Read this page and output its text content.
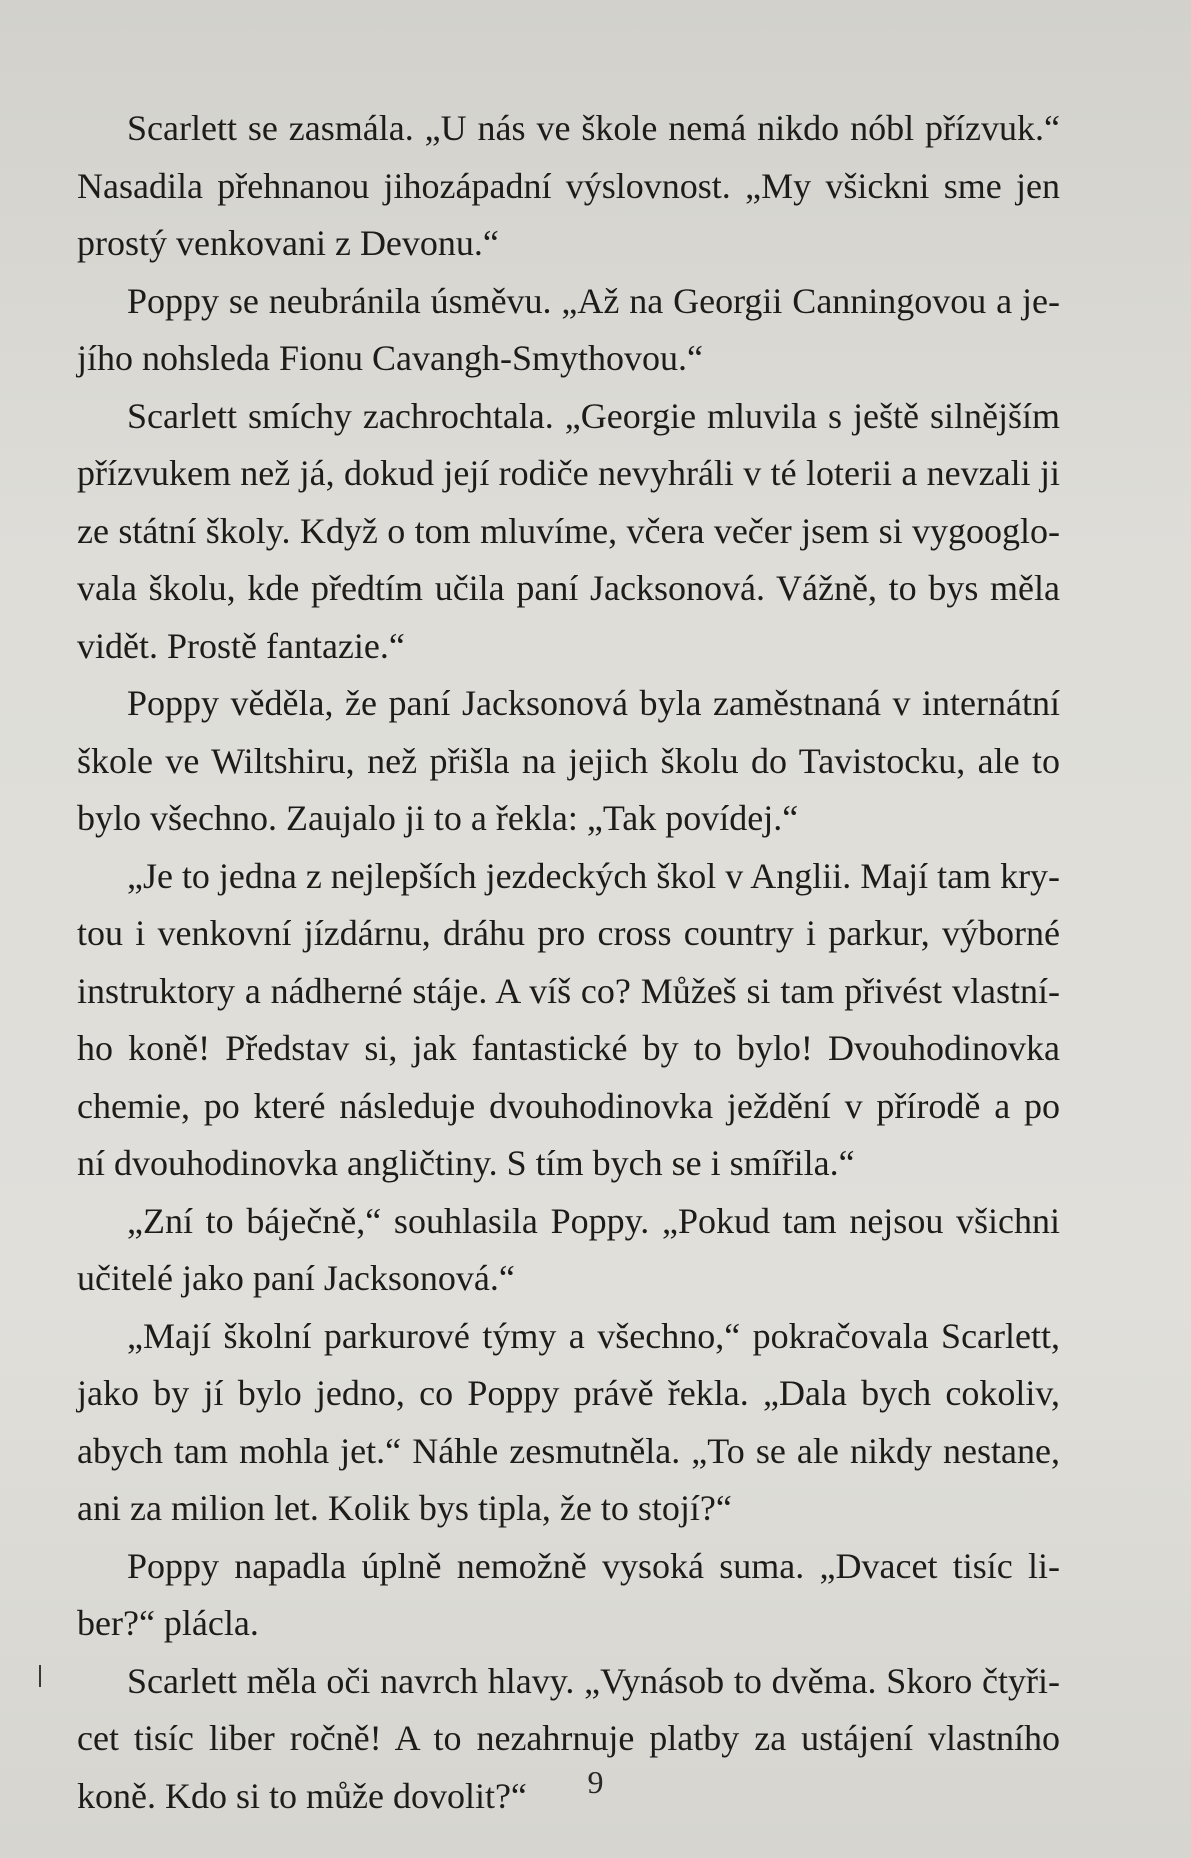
Scarlett se zasmála. „U nás ve škole nemá nikdo nóbl přízvuk.“
Nasadila přehnanou jihozápadní výslovnost. „My všickni sme jen
prostý venkovani z Devonu.“

Poppy se neubránila úsměvu. „Až na Georgii Canningovou a je-
jího nohsleda Fionu Cavangh-Smythovou.“

Scarlett smíchy zachrochtala. „Georgie mluvila s ještě silnějším
přízvukem než já, dokud její rodiče nevyhráli v té loterii a nevzali ji
ze státní školy. Když o tom mluvíme, včera večer jsem si vygooglo-
vala školu, kde předtím učila paní Jacksonová. Vážně, to bys měla
vidět. Prostě fantazie.“

Poppy věděla, že paní Jacksonová byla zaměstnaná v internátní
škole ve Wiltshiru, než přišla na jejich školu do Tavistocku, ale to
bylo všechno. Zaujalo ji to a řekla: „Tak povídej.“

„Je to jedna z nejlepších jezdeckých škol v Anglii. Mají tam kry-
tou i venkovní jízdárnu, dráhu pro cross country i parkur, výborné
instruktory a nádherné stáje. A víš co? Můžeš si tam přivést vlastní-
ho koně! Představ si, jak fantastické by to bylo! Dvouhodinovka
chemie, po které následuje dvouhodinovka ježdění v přírodě a po
ní dvouhodinovka angličtiny. S tím bych se i smířila.“

„Zní to báječně,“ souhlasila Poppy. „Pokud tam nejsou všichni
učitelé jako paní Jacksonová.“

„Mají školní parkurové týmy a všechno,“ pokračovala Scarlett,
jako by jí bylo jedno, co Poppy právě řekla. „Dala bych cokoliv,
abych tam mohla jet.“ Náhle zesmutněla. „To se ale nikdy nestane,
ani za milion let. Kolik bys tipla, že to stojí?“

Poppy napadla úplně nemožně vysoká suma. „Dvacet tisíc li-
ber?“ plácla.

Scarlett měla oči navrch hlavy. „Vynásob to dvěma. Skoro čtyři-
cet tisíc liber ročně! A to nezahrnuje platby za ustájení vlastního
koně. Kdo si to může dovolit?“	9
